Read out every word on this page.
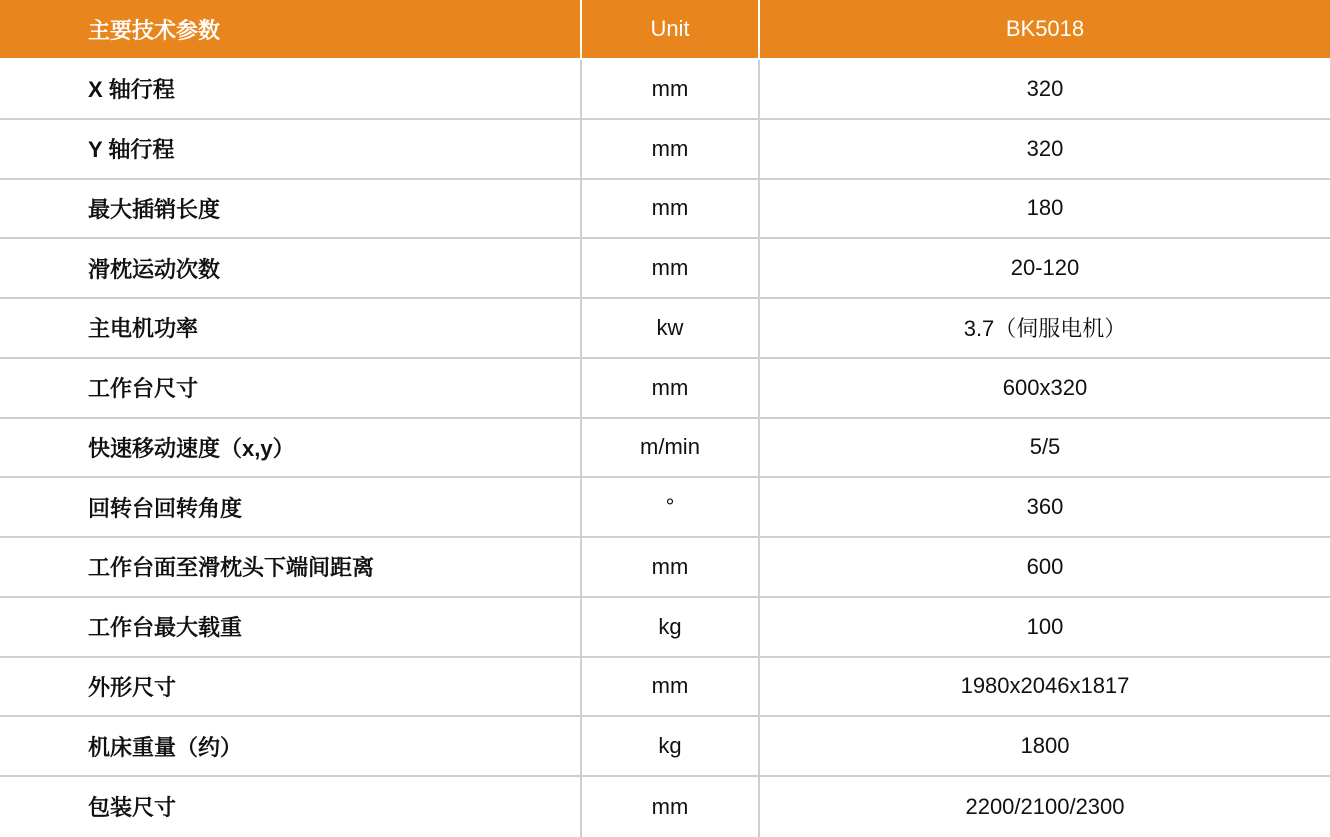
主要技术参数	Unit	BK5018
X 轴行程	mm	320
Y 轴行程	mm	320
最大插销长度	mm	180
滑枕运动次数	mm	20-120
主电机功率	kw	3.7（伺服电机）
工作台尺寸	mm	600x320
快速移动速度（x,y）	m/min	5/5
回转台回转角度	°	360
工作台面至滑枕头下端间距离	mm	600
工作台最大载重	kg	100
外形尺寸	mm	1980x2046x1817
机床重量（约）	kg	1800
包装尺寸	mm	2200/2100/2300
